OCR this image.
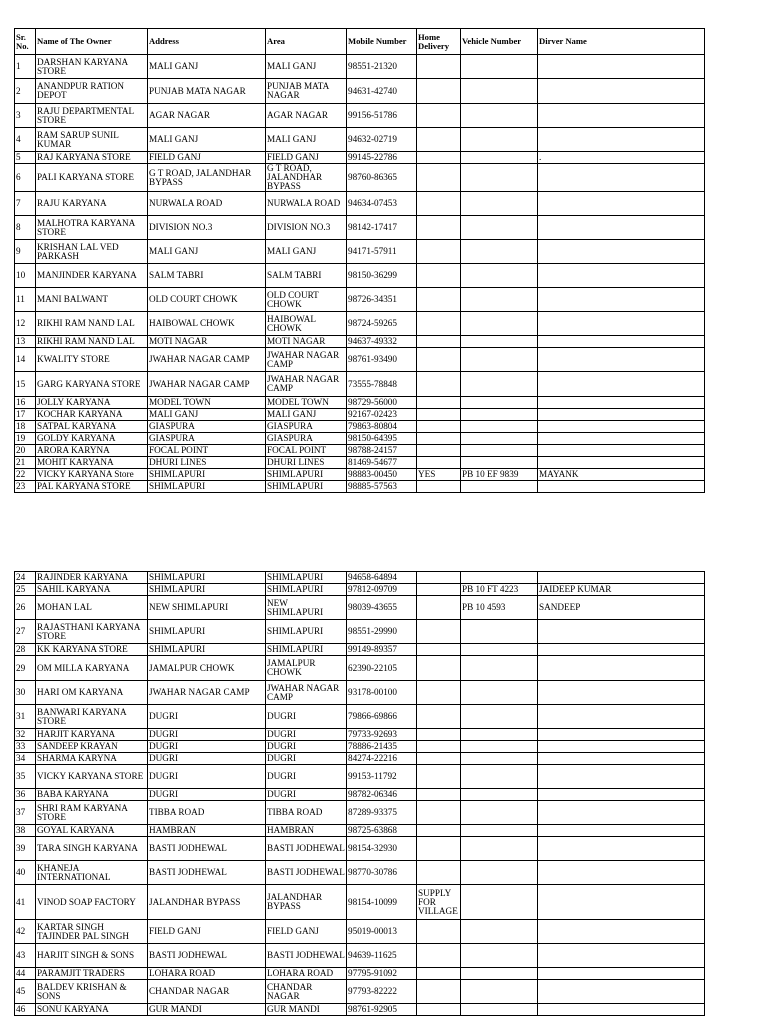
Sr. No.	Name of The Owner	Address	Area	Mobile Number	Home Delivery	Vehicle Number	Dirver Name
1	DARSHAN KARYANA STORE	MALI GANJ	MALI GANJ	98551-21320			
2	ANANDPUR RATION DEPOT	PUNJAB MATA NAGAR	PUNJAB MATA NAGAR	94631-42740			
3	RAJU DEPARTMENTAL STORE	AGAR NAGAR	AGAR NAGAR	99156-51786			
4	RAM SARUP SUNIL KUMAR	MALI GANJ	MALI GANJ	94632-02719			
5	RAJ KARYANA STORE	FIELD GANJ	FIELD GANJ	99145-22786			.
6	PALI KARYANA STORE	G T ROAD, JALANDHAR BYPASS	G T ROAD, JALANDHAR BYPASS	98760-86365			
7	RAJU KARYANA	NURWALA ROAD	NURWALA ROAD	94634-07453			
8	MALHOTRA KARYANA STORE	DIVISION NO.3	DIVISION NO.3	98142-17417			
9	KRISHAN LAL VED PARKASH	MALI GANJ	MALI GANJ	94171-57911			
10	MANJINDER KARYANA	SALM TABRI	SALM TABRI	98150-36299			
11	MANI BALWANT	OLD COURT CHOWK	OLD COURT CHOWK	98726-34351			
12	RIKHI RAM NAND LAL	HAIBOWAL CHOWK	HAIBOWAL CHOWK	98724-59265			
13	RIKHI RAM NAND LAL	MOTI NAGAR	MOTI NAGAR	94637-49332			
14	KWALITY STORE	JWAHAR NAGAR CAMP	JWAHAR NAGAR CAMP	98761-93490			
15	GARG KARYANA STORE	JWAHAR NAGAR CAMP	JWAHAR NAGAR CAMP	73555-78848			
16	JOLLY KARYANA	MODEL TOWN	MODEL TOWN	98729-56000			
17	KOCHAR KARYANA	MALI GANJ	MALI GANJ	92167-02423			
18	SATPAL KARYANA	GIASPURA	GIASPURA	79863-80804			
19	GOLDY KARYANA	GIASPURA	GIASPURA	98150-64395			
20	ARORA KARYNA	FOCAL POINT	FOCAL POINT	98788-24157			
21	MOHIT KARYANA	DHURI LINES	DHURI LINES	81469-54677			
22	VICKY KARYANA Store	SHIMLAPURI	SHIMLAPURI	98883-00450	YES	PB 10 EF 9839	MAYANK
23	PAL KARYANA STORE	SHIMLAPURI	SHIMLAPURI	98885-57563			
24	RAJINDER KARYANA	SHIMLAPURI	SHIMLAPURI	94658-64894			
25	SAHIL KARYANA	SHIMLAPURI	SHIMLAPURI	97812-09709		PB 10 FT 4223	JAIDEEP KUMAR
26	MOHAN LAL	NEW SHIMLAPURI	NEW SHIMLAPURI	98039-43655		PB 10 4593	SANDEEP
27	RAJASTHANI KARYANA STORE	SHIMLAPURI	SHIMLAPURI	98551-29990			
28	KK KARYANA STORE	SHIMLAPURI	SHIMLAPURI	99149-89357			
29	OM MILLA KARYANA	JAMALPUR CHOWK	JAMALPUR CHOWK	62390-22105			
30	HARI OM KARYANA	JWAHAR NAGAR CAMP	JWAHAR NAGAR CAMP	93178-00100			
31	BANWARI KARYANA STORE	DUGRI	DUGRI	79866-69866			
32	HARJIT KARYANA	DUGRI	DUGRI	79733-92693			
33	SANDEEP KRAYAN	DUGRI	DUGRI	78886-21435			
34	SHARMA KARYNA	DUGRI	DUGRI	84274-22216			
35	VICKY KARYANA STORE	DUGRI	DUGRI	99153-11792			
36	BABA KARYANA	DUGRI	DUGRI	98782-06346			
37	SHRI RAM KARYANA STORE	TIBBA ROAD	TIBBA ROAD	87289-93375			
38	GOYAL KARYANA	HAMBRAN	HAMBRAN	98725-63868			
39	TARA SINGH KARYANA	BASTI JODHEWAL	BASTI JODHEWAL	98154-32930			
40	KHANEJA INTERNATIONAL	BASTI JODHEWAL	BASTI JODHEWAL	98770-30786			
41	VINOD SOAP FACTORY	JALANDHAR BYPASS	JALANDHAR BYPASS	98154-10099	SUPPLY FOR VILLAGE		
42	KARTAR SINGH TAJINDER PAL SINGH	FIELD GANJ	FIELD GANJ	95019-00013			
43	HARJIT SINGH & SONS	BASTI JODHEWAL	BASTI JODHEWAL	94639-11625			
44	PARAMJIT TRADERS	LOHARA ROAD	LOHARA ROAD	97795-91092			
45	BALDEV KRISHAN & SONS	CHANDAR NAGAR	CHANDAR NAGAR	97793-82222			
46	SONU KARYANA	GUR MANDI	GUR MANDI	98761-92905			
